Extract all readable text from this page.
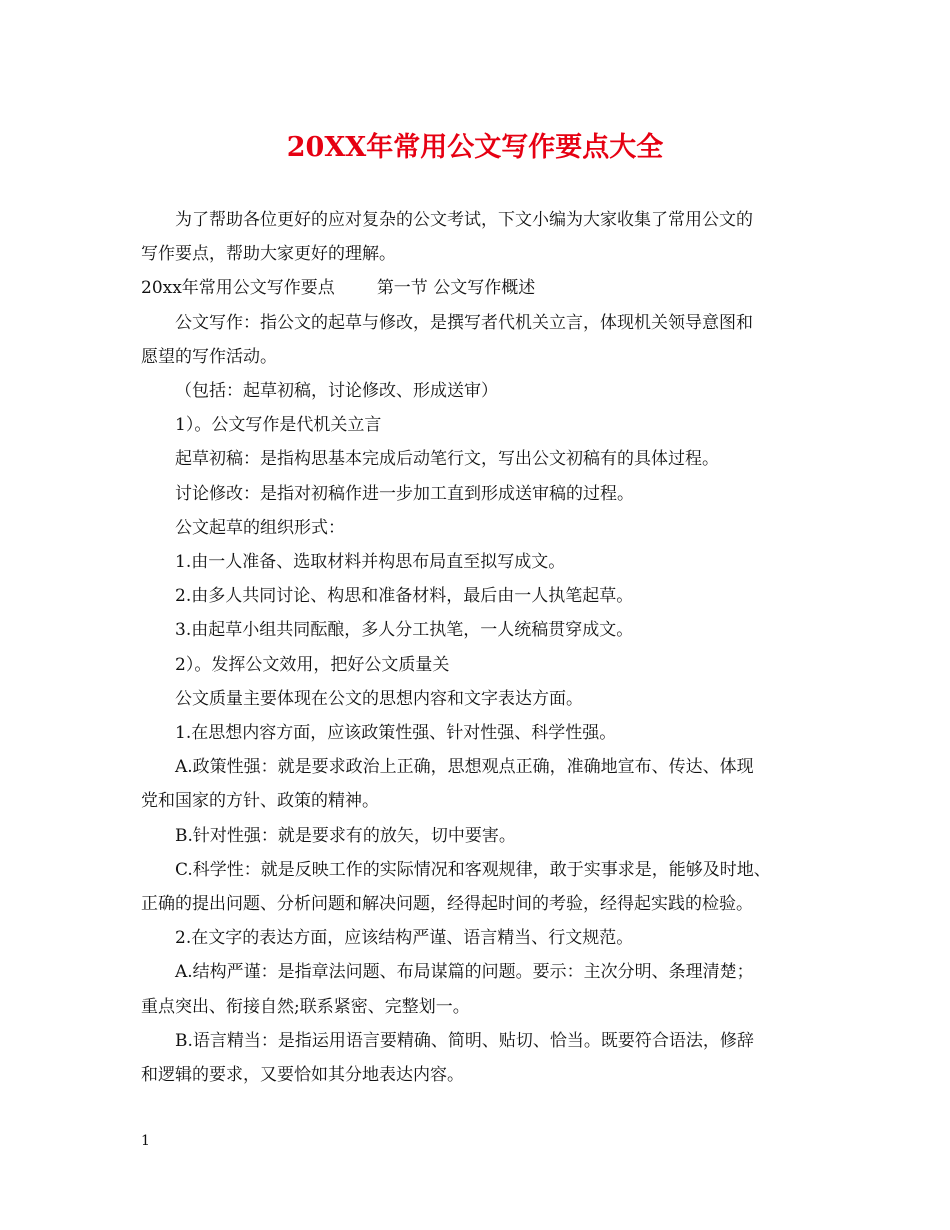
20XX年常用公文写作要点大全

为了帮助各位更好的应对复杂的公文考试，下文小编为大家收集了常用公文的

写作要点，帮助大家更好的理解。

20xx年常用公文写作要点 第一节 公文写作概述

公文写作：指公文的起草与修改，是撰写者代机关立言，体现机关领导意图和

愿望的写作活动。

（包括：起草初稿，讨论修改、形成送审）

1）。公文写作是代机关立言

起草初稿：是指构思基本完成后动笔行文，写出公文初稿有的具体过程。

讨论修改：是指对初稿作进一步加工直到形成送审稿的过程。

公文起草的组织形式：

1.由一人准备、选取材料并构思布局直至拟写成文。

2.由多人共同讨论、构思和准备材料，最后由一人执笔起草。

3.由起草小组共同酝酿，多人分工执笔，一人统稿贯穿成文。

2）。发挥公文效用，把好公文质量关

公文质量主要体现在公文的思想内容和文字表达方面。

1.在思想内容方面，应该政策性强、针对性强、科学性强。

A.政策性强：就是要求政治上正确，思想观点正确，准确地宣布、传达、体现

党和国家的方针、政策的精神。

B.针对性强：就是要求有的放矢，切中要害。

C.科学性：就是反映工作的实际情况和客观规律，敢于实事求是，能够及时地、

正确的提出问题、分析问题和解决问题，经得起时间的考验，经得起实践的检验。

2.在文字的表达方面，应该结构严谨、语言精当、行文规范。

A.结构严谨：是指章法问题、布局谋篇的问题。要示：主次分明、条理清楚；

重点突出、衔接自然;联系紧密、完整划一。

B.语言精当：是指运用语言要精确、简明、贴切、恰当。既要符合语法，修辞

和逻辑的要求，又要恰如其分地表达内容。

1
